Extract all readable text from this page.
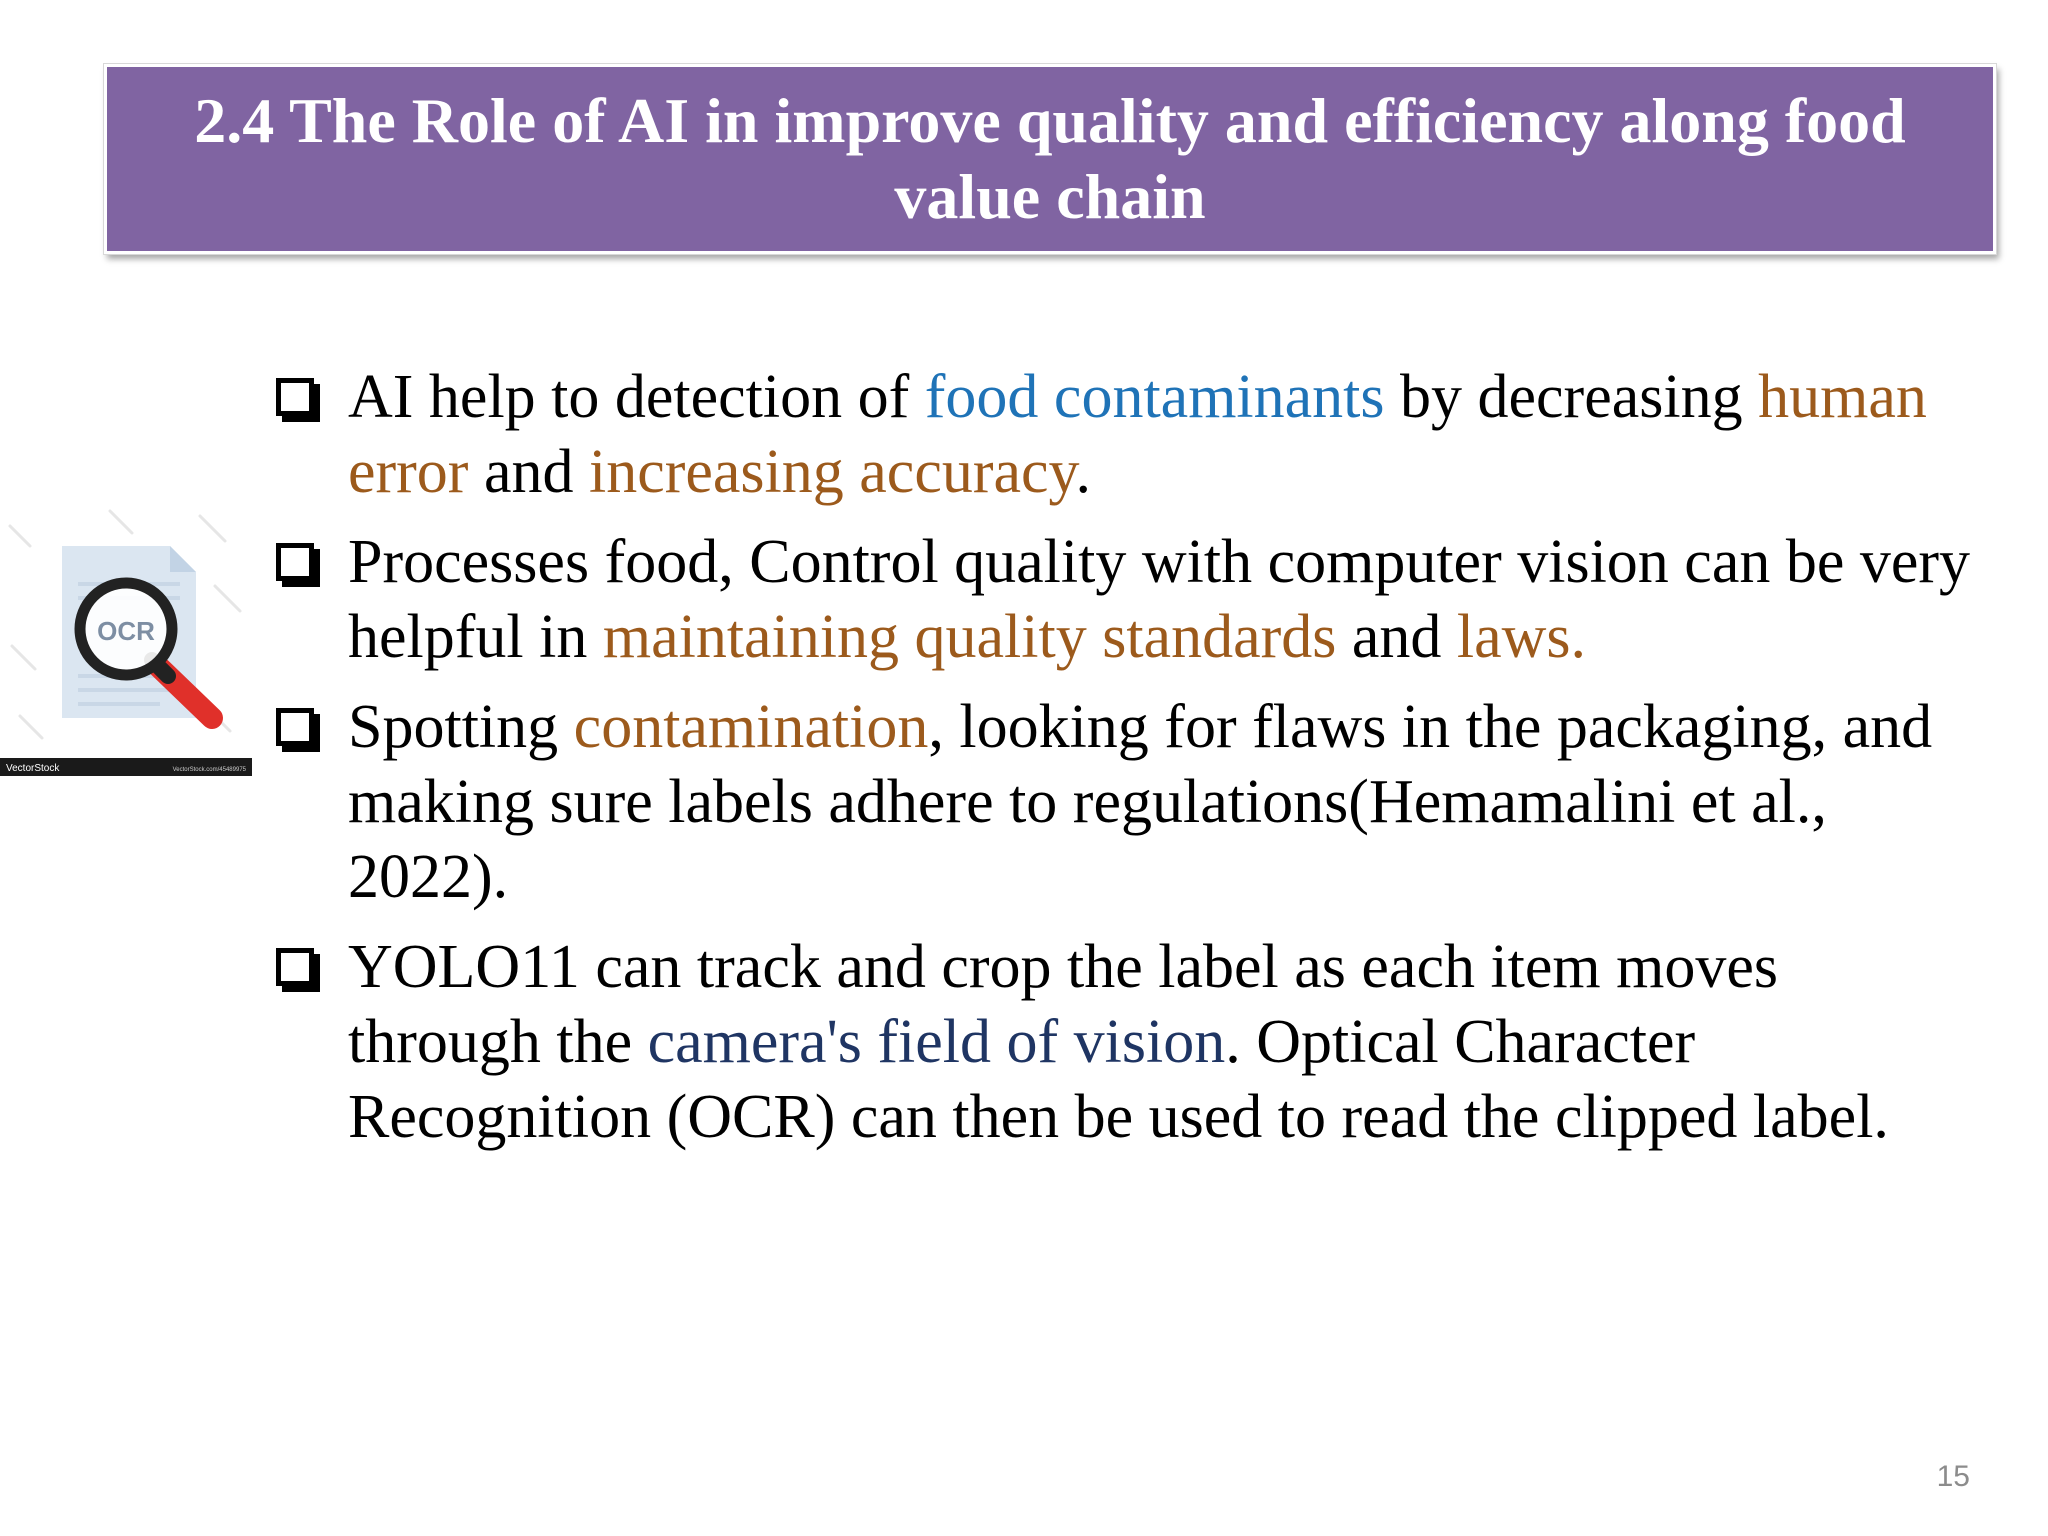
2.4 The Role of AI in improve quality and efficiency along food value chain
OCR
VectorStock	VectorStock.com/45489975
AI help to detection of food contaminants by decreasing human error and increasing accuracy.
Processes food, Control quality with computer vision can be very helpful in maintaining quality standards and laws.
Spotting contamination, looking for flaws in the packaging, and making sure labels adhere to regulations(Hemamalini et al., 2022).
YOLO11 can track and crop the label as each item moves through the camera's field of vision. Optical Character Recognition (OCR) can then be used to read the clipped label.
15
